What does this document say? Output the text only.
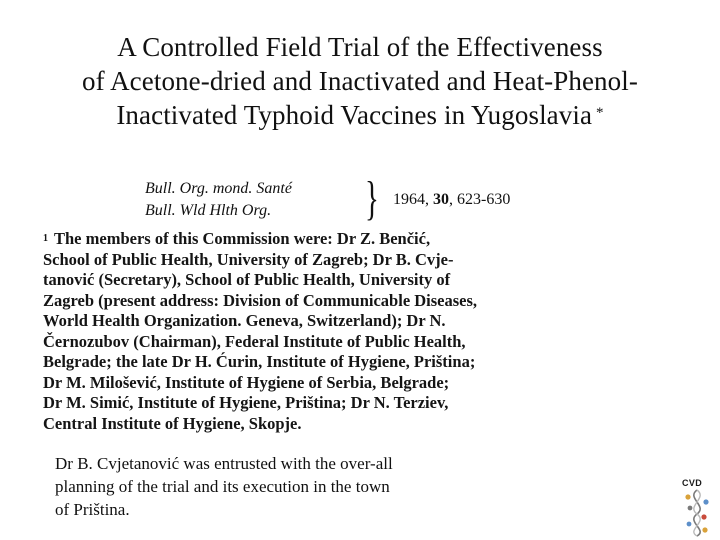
A Controlled Field Trial of the Effectiveness
of Acetone-dried and Inactivated and Heat-Phenol-
Inactivated Typhoid Vaccines in Yugoslavia *
Bull. Org. mond. Santé
Bull. Wld Hlth Org.	} 1964, 30, 623-630
$^1$ The members of this Commission were: Dr Z. Benčić,
School of Public Health, University of Zagreb; Dr B. Cvje-
tanović (Secretary), School of Public Health, University of
Zagreb (present address: Division of Communicable Diseases,
World Health Organization. Geneva, Switzerland); Dr N.
Černozubov (Chairman), Federal Institute of Public Health,
Belgrade; the late Dr H. Ćurin, Institute of Hygiene, Priština;
Dr M. Milošević, Institute of Hygiene of Serbia, Belgrade;
Dr M. Simić, Institute of Hygiene, Priština; Dr N. Terziev,
Central Institute of Hygiene, Skopje.
Dr B. Cvjetanović was entrusted with the over-all
planning of the trial and its execution in the town
of Priština.
CVD
